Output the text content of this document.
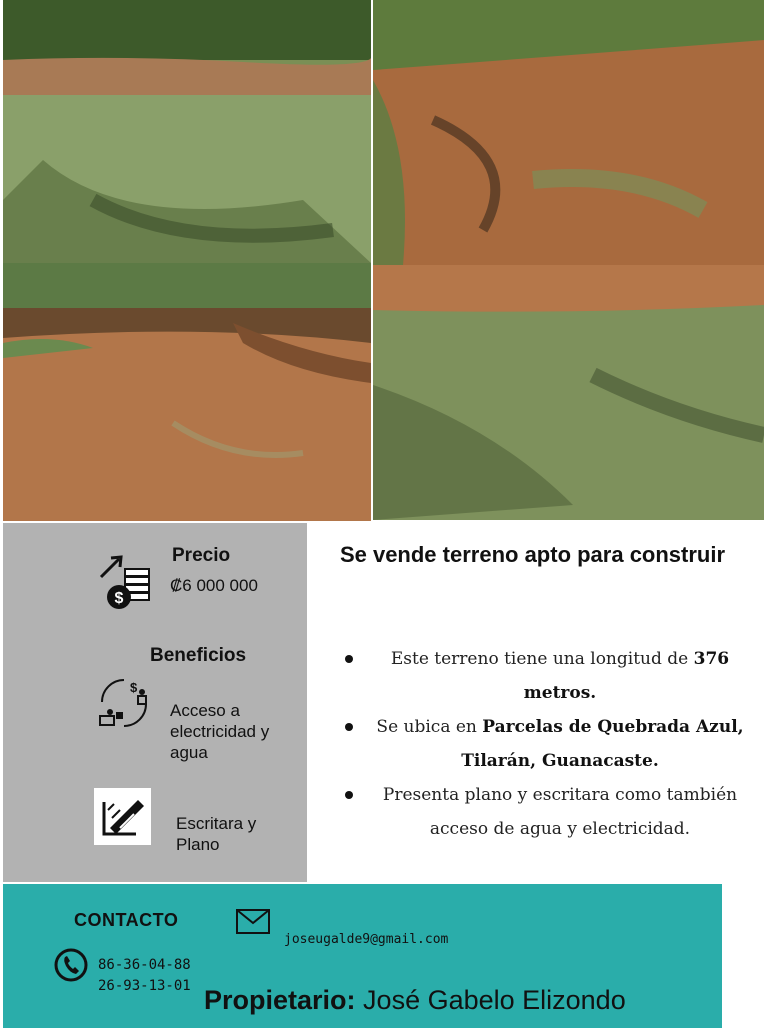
$
Precio
₡6 000 000
Beneficios
$
Acceso a electricidad y agua
Escritara y Plano
Se vende terreno apto para construir
Este terreno tiene una longitud de 376 metros.
Se ubica en Parcelas de Quebrada Azul, Tilarán, Guanacaste.
Presenta plano y escritara como también acceso de agua y electricidad.
CONTACTO
joseugalde9@gmail.com
86-36-04-88
26-93-13-01 Propietario: José Gabelo Elizondo
